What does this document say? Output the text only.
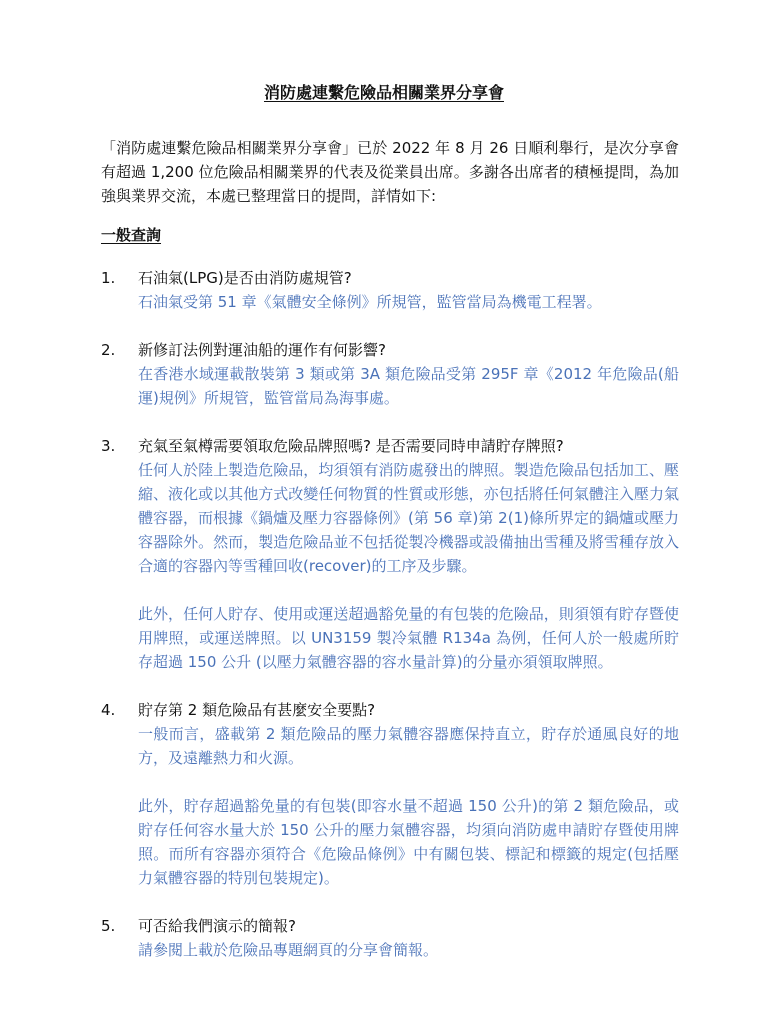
消防處連繫危險品相關業界分享會
「消防處連繫危險品相關業界分享會」已於 2022 年 8 月 26 日順利舉行，是次分享會有超過 1,200 位危險品相關業界的代表及從業員出席。多謝各出席者的積極提問，為加強與業界交流，本處已整理當日的提問，詳情如下:
一般查詢
1. 石油氣(LPG)是否由消防處規管?

石油氣受第 51 章《氣體安全條例》所規管，監管當局為機電工程署。

2. 新修訂法例對運油船的運作有何影響?

在香港水域運載散裝第 3 類或第 3A 類危險品受第 295F 章《2012 年危險品(船運)規例》所規管，監管當局為海事處。

3. 充氣至氣樽需要領取危險品牌照嗎? 是否需要同時申請貯存牌照?

任何人於陸上製造危險品，均須領有消防處發出的牌照。製造危險品包括加工、壓縮、液化或以其他方式改變任何物質的性質或形態，亦包括將任何氣體注入壓力氣體容器，而根據《鍋爐及壓力容器條例》(第 56 章)第 2(1)條所界定的鍋爐或壓力容器除外。然而，製造危險品並不包括從製冷機器或設備抽出雪種及將雪種存放入合適的容器內等雪種回收(recover)的工序及步驟。

此外，任何人貯存、使用或運送超過豁免量的有包裝的危險品，則須領有貯存暨使用牌照，或運送牌照。以 UN3159 製冷氣體 R134a 為例，任何人於一般處所貯存超過 150 公升 (以壓力氣體容器的容水量計算)的分量亦須領取牌照。

4. 貯存第 2 類危險品有甚麼安全要點?

一般而言，盛載第 2 類危險品的壓力氣體容器應保持直立，貯存於通風良好的地方，及遠離熱力和火源。

此外，貯存超過豁免量的有包裝(即容水量不超過 150 公升)的第 2 類危險品，或貯存任何容水量大於 150 公升的壓力氣體容器，均須向消防處申請貯存暨使用牌照。而所有容器亦須符合《危險品條例》中有關包裝、標記和標籤的規定(包括壓力氣體容器的特別包裝規定)。

5. 可否給我們演示的簡報?

請參閱上載於危險品專題網頁的分享會簡報。
